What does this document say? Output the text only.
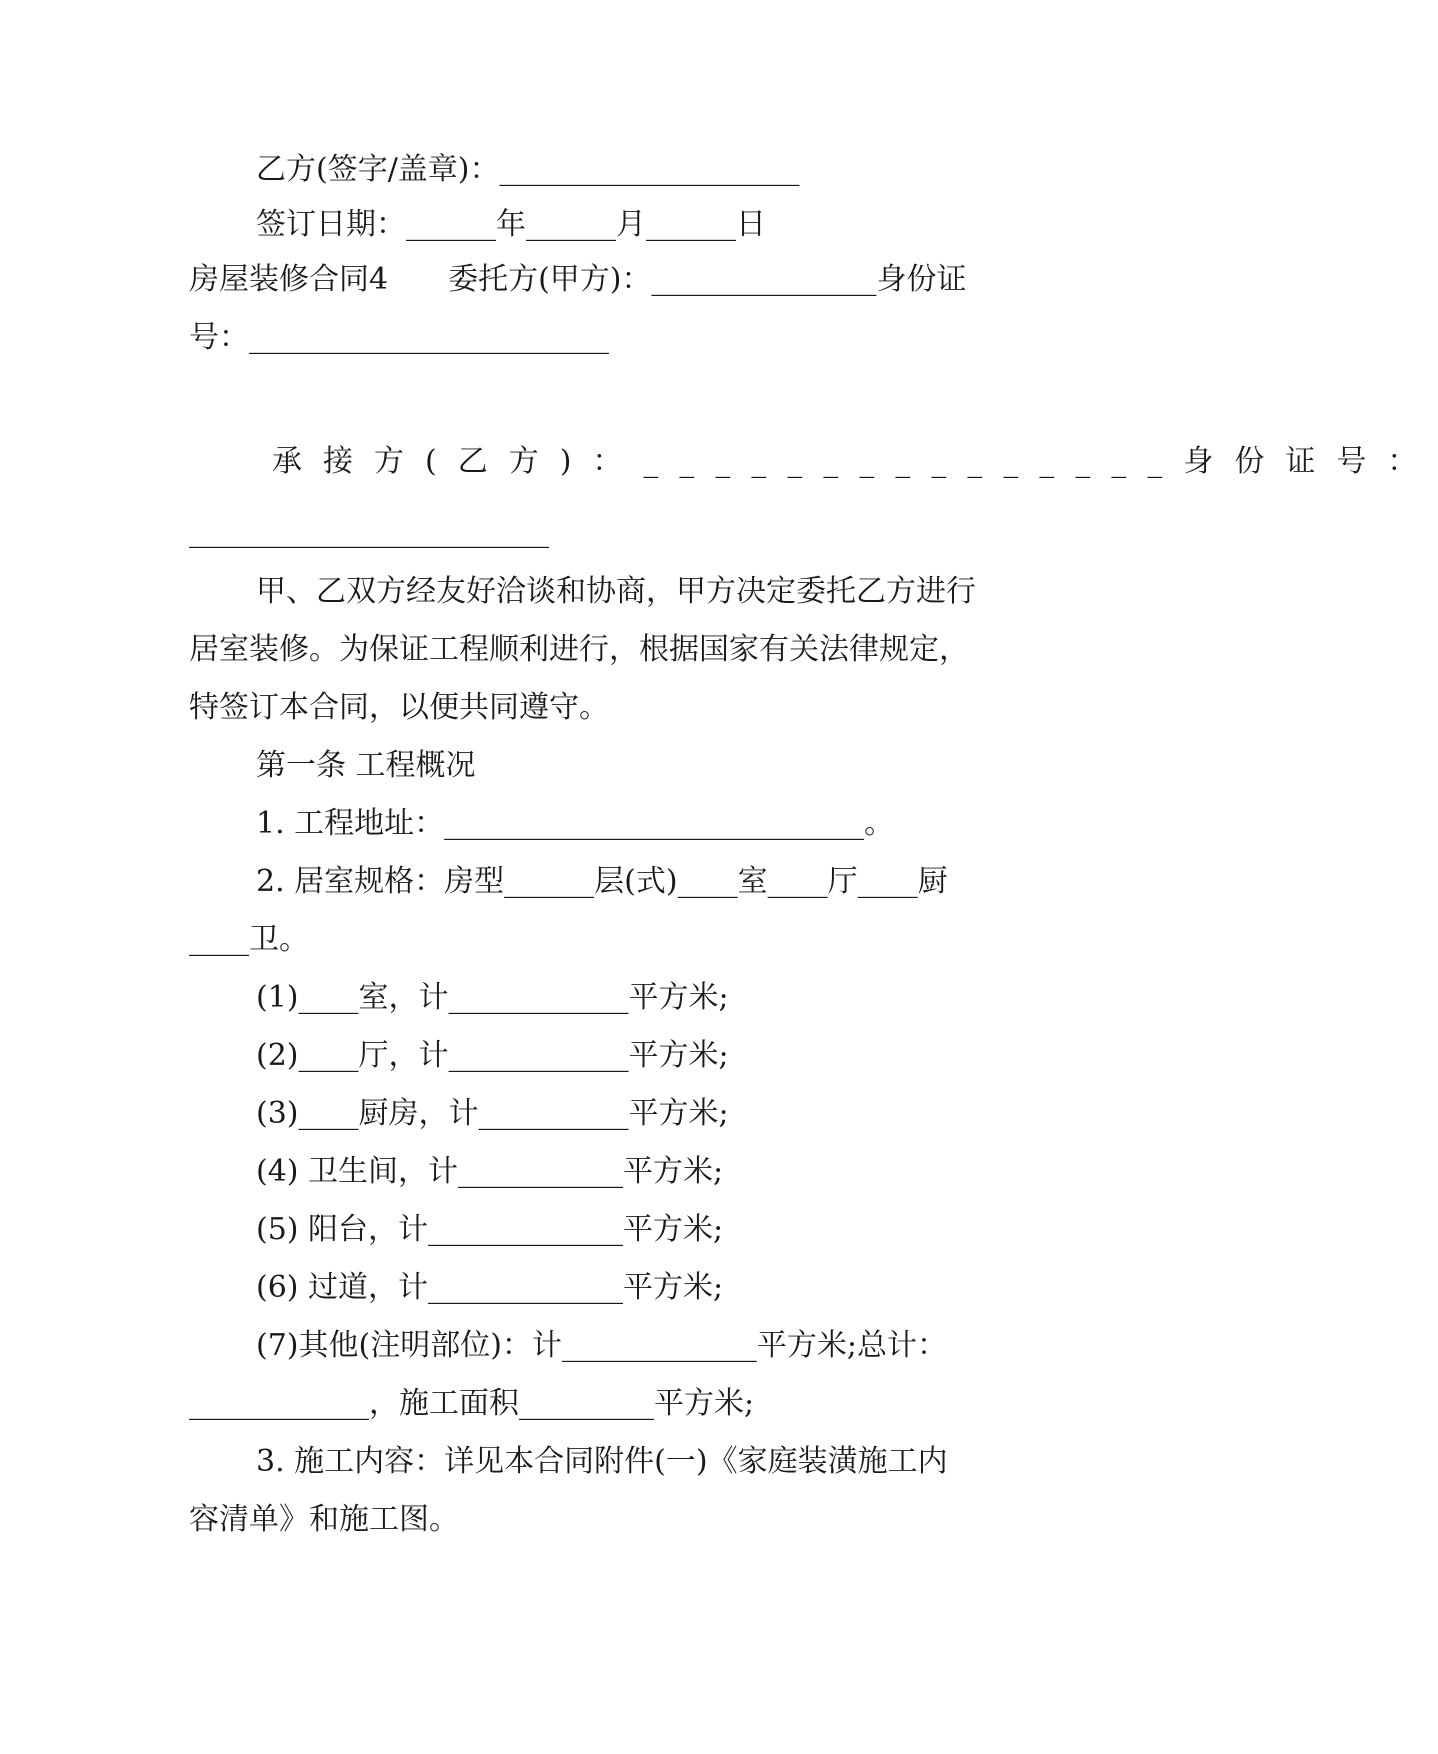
乙方(签字/盖章)：____________________

签订日期：______年______月______日

房屋装修合同4　　委托方(甲方)：_______________身份证

号：________________________

承接方(乙方)：_______________身份证号：

________________________

甲、乙双方经友好洽谈和协商，甲方决定委托乙方进行

居室装修。为保证工程顺利进行，根据国家有关法律规定，

特签订本合同，以便共同遵守。

第一条 工程概况

1. 工程地址：____________________________。

2. 居室规格：房型______层(式)____室____厅____厨

____卫。

(1)____室，计____________平方米;

(2)____厅，计____________平方米;

(3)____厨房，计__________平方米;

(4) 卫生间，计___________平方米;

(5) 阳台，计_____________平方米;

(6) 过道，计_____________平方米;

(7)其他(注明部位)：计_____________平方米;总计：

____________，施工面积_________平方米;

3. 施工内容：详见本合同附件(一)《家庭装潢施工内

容清单》和施工图。
